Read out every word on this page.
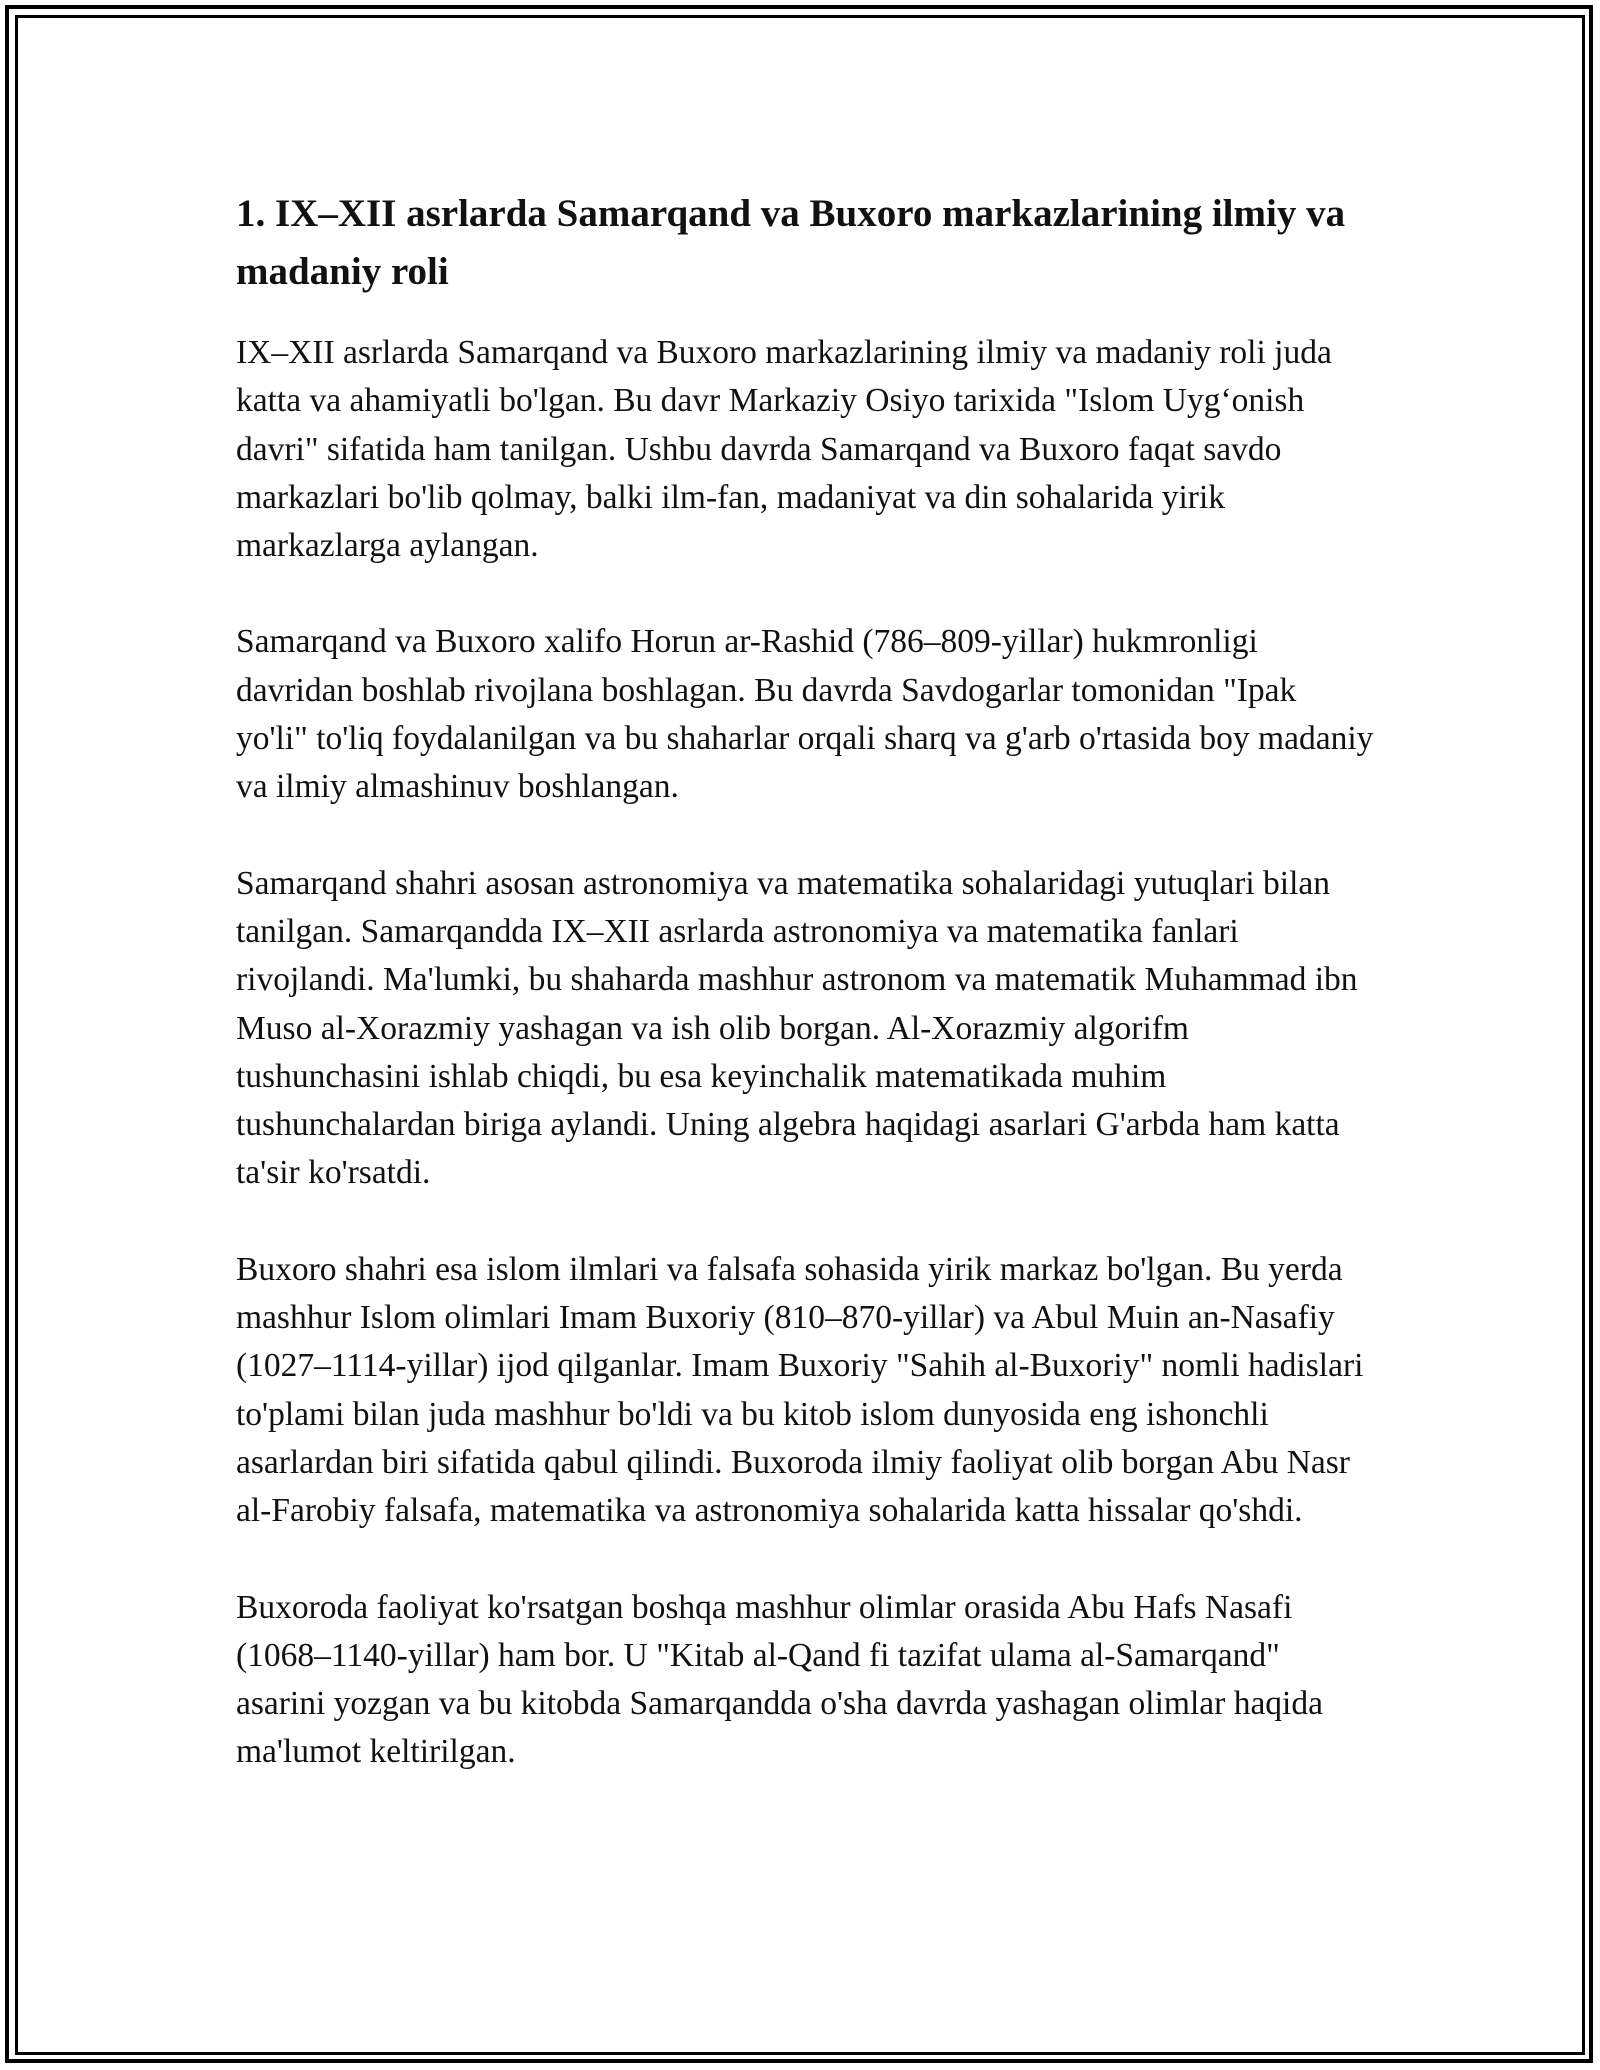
1. IX–XII asrlarda Samarqand va Buxoro markazlarining ilmiy va madaniy roli

IX–XII asrlarda Samarqand va Buxoro markazlarining ilmiy va madaniy roli juda katta va ahamiyatli bo'lgan. Bu davr Markaziy Osiyo tarixida "Islom Uyg‘onish davri" sifatida ham tanilgan. Ushbu davrda Samarqand va Buxoro faqat savdo markazlari bo'lib qolmay, balki ilm-fan, madaniyat va din sohalarida yirik markazlarga aylangan.

Samarqand va Buxoro xalifo Horun ar-Rashid (786–809-yillar) hukmronligi davridan boshlab rivojlana boshlagan. Bu davrda Savdogarlar tomonidan "Ipak yo'li" to'liq foydalanilgan va bu shaharlar orqali sharq va g'arb o'rtasida boy madaniy va ilmiy almashinuv boshlangan.

Samarqand shahri asosan astronomiya va matematika sohalaridagi yutuqlari bilan tanilgan. Samarqandda IX–XII asrlarda astronomiya va matematika fanlari rivojlandi. Ma'lumki, bu shaharda mashhur astronom va matematik Muhammad ibn Muso al-Xorazmiy yashagan va ish olib borgan. Al-Xorazmiy algorifm tushunchasini ishlab chiqdi, bu esa keyinchalik matematikada muhim tushunchalardan biriga aylandi. Uning algebra haqidagi asarlari G'arbda ham katta ta'sir ko'rsatdi.

Buxoro shahri esa islom ilmlari va falsafa sohasida yirik markaz bo'lgan. Bu yerda mashhur Islom olimlari Imam Buxoriy (810–870-yillar) va Abul Muin an-Nasafiy (1027–1114-yillar) ijod qilganlar. Imam Buxoriy "Sahih al-Buxoriy" nomli hadislari to'plami bilan juda mashhur bo'ldi va bu kitob islom dunyosida eng ishonchli asarlardan biri sifatida qabul qilindi. Buxoroda ilmiy faoliyat olib borgan Abu Nasr al-Farobiy falsafa, matematika va astronomiya sohalarida katta hissalar qo'shdi.

Buxoroda faoliyat ko'rsatgan boshqa mashhur olimlar orasida Abu Hafs Nasafi (1068–1140-yillar) ham bor. U "Kitab al-Qand fi tazifat ulama al-Samarqand" asarini yozgan va bu kitobda Samarqandda o'sha davrda yashagan olimlar haqida ma'lumot keltirilgan.
